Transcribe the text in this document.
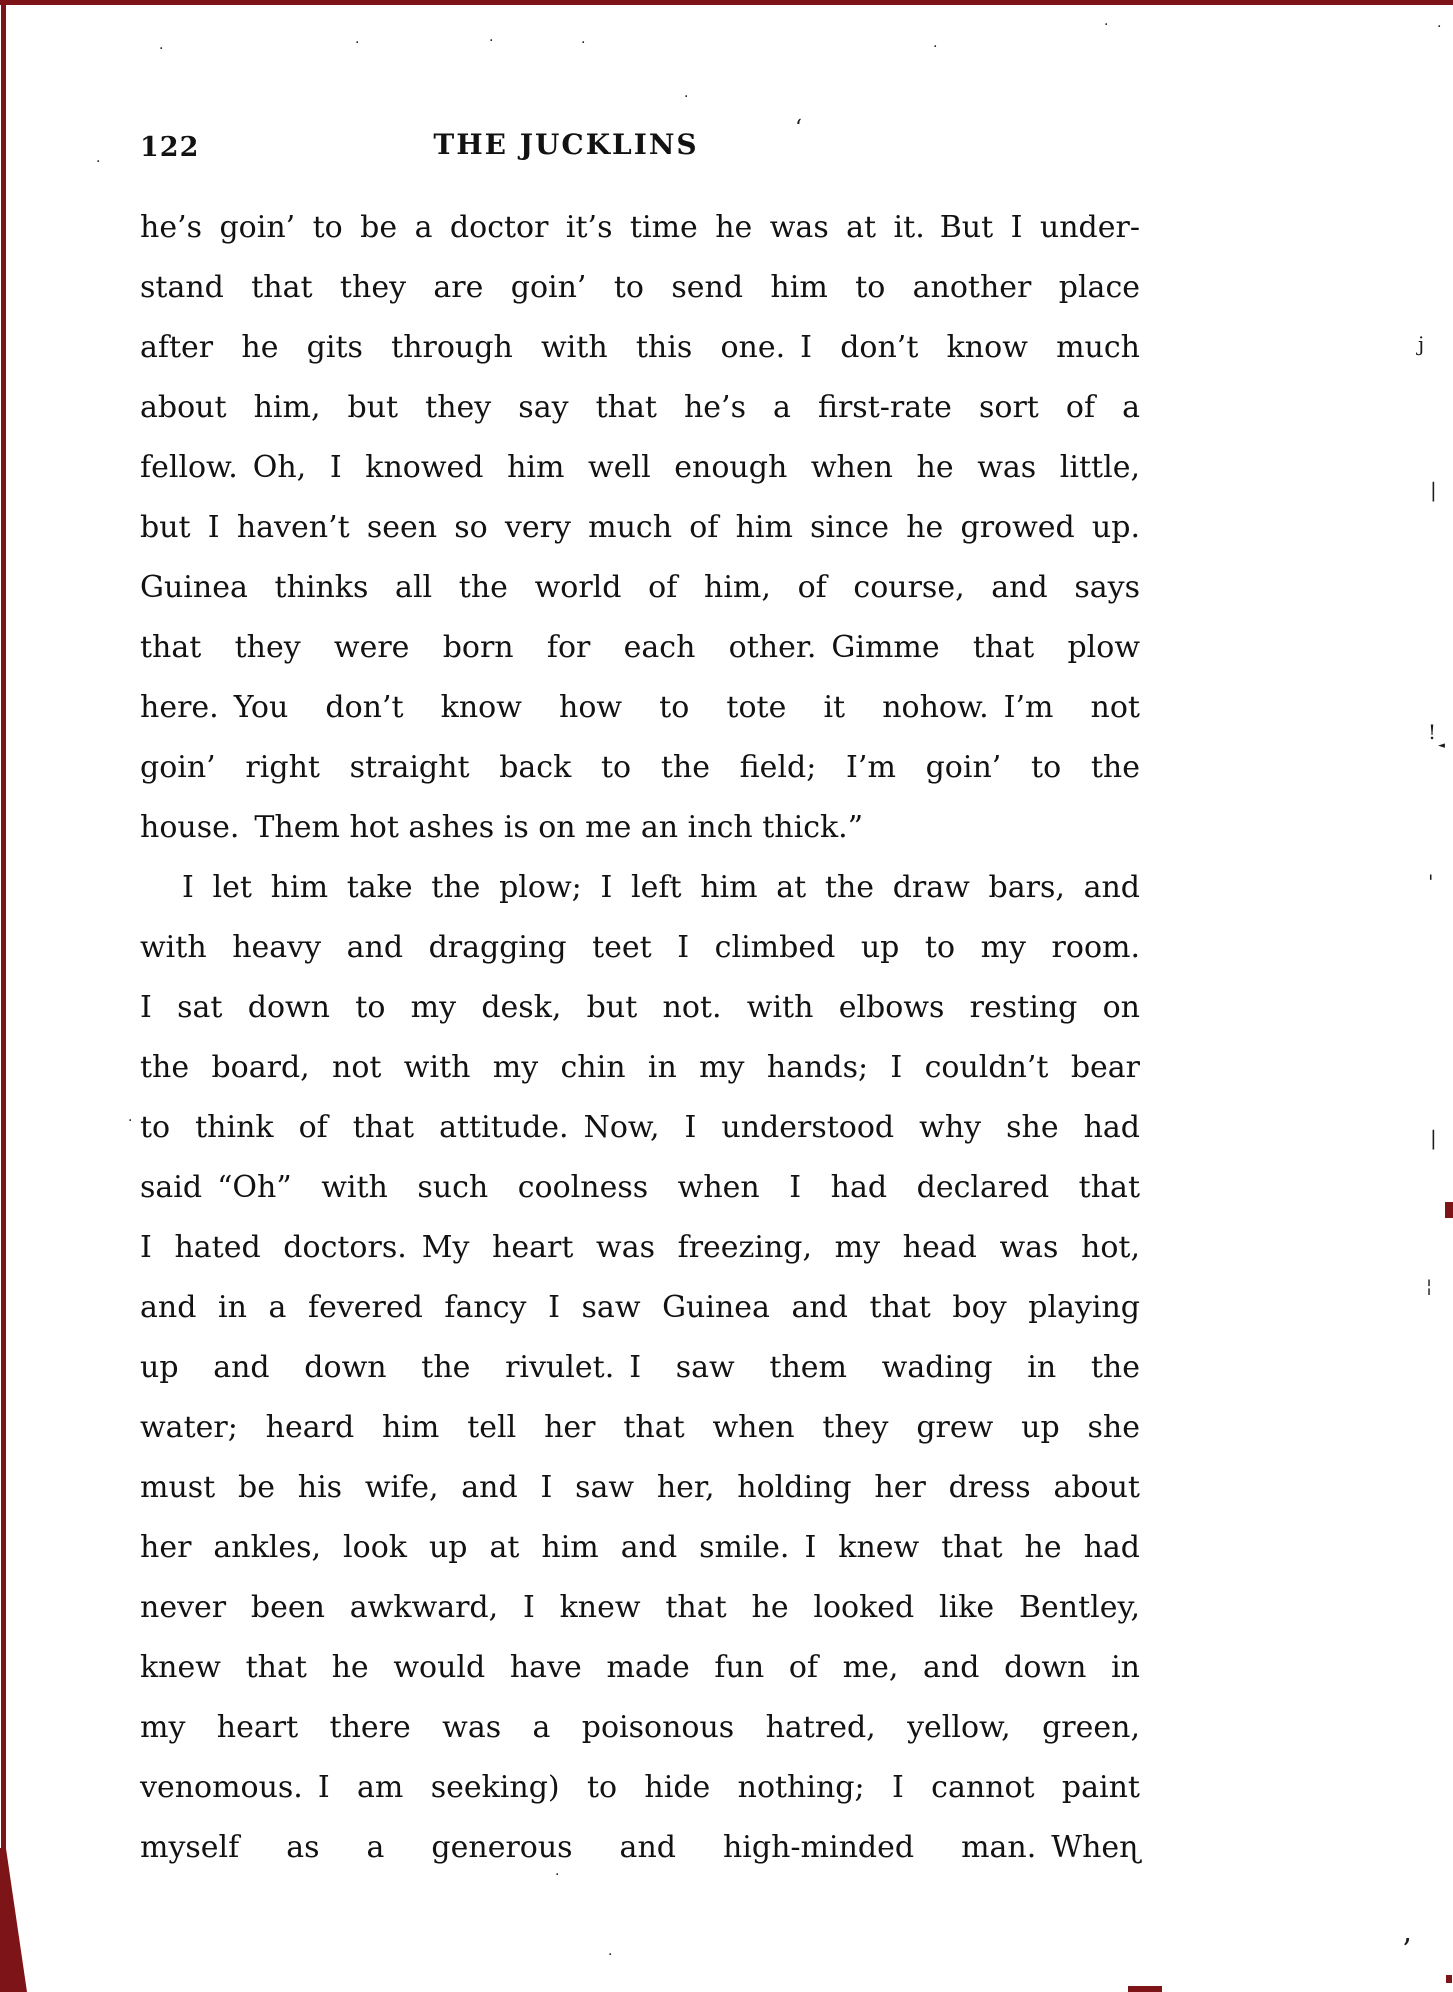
122	THE JUCKLINS
he’s goin’ to be a doctor it’s time he was at it. But I under-
stand that they are goin’ to send him to another place
after he gits through with this one. I don’t know much
about him, but they say that he’s a first-rate sort of a
fellow. Oh, I knowed him well enough when he was little,
but I haven’t seen so very much of him since he growed up.
Guinea thinks all the world of him, of course, and says
that they were born for each other. Gimme that plow
here. You don’t know how to tote it nohow. I’m not
goin’ right straight back to the field; I’m goin’ to the
house. Them hot ashes is on me an inch thick.”
I let him take the plow; I left him at the draw bars, and
with heavy and dragging teet I climbed up to my room.
I sat down to my desk, but not. with elbows resting on
the board, not with my chin in my hands; I couldn’t bear
to think of that attitude. Now, I understood why she had
said “Oh” with such coolness when I had declared that
I hated doctors. My heart was freezing, my head was hot,
and in a fevered fancy I saw Guinea and that boy playing
up and down the rivulet. I saw them wading in the
water; heard him tell her that when they grew up she
must be his wife, and I saw her, holding her dress about
her ankles, look up at him and smile. I knew that he had
never been awkward, I knew that he looked like Bentley,
knew that he would have made fun of me, and down in
my heart there was a poisonous hatred, yellow, green,
venomous. I am seeking) to hide nothing; I cannot paint
myself as a generous and high-minded man. Wheɳ
·
·	·	·	·
·
‘
·
·	·
j
|
!
◄
'
|
¦
·
’
·
·
